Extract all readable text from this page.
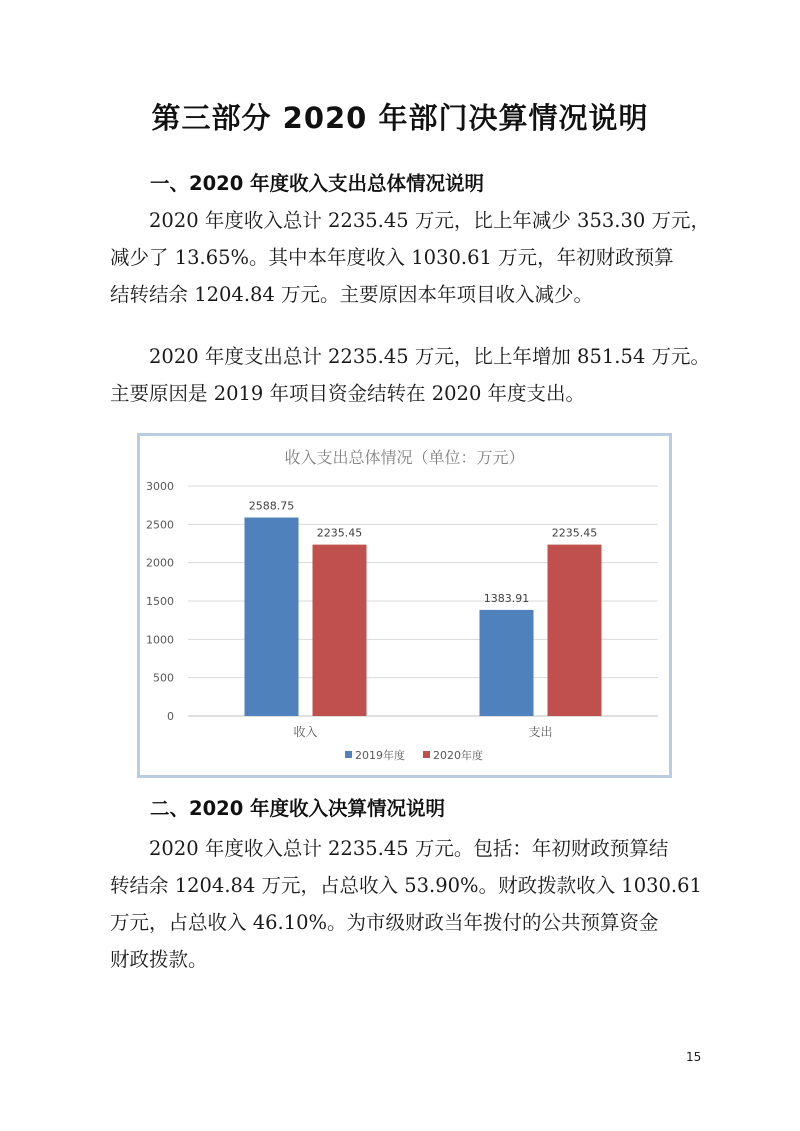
第三部分 2020 年部门决算情况说明
一、2020 年度收入支出总体情况说明
2020 年度收入总计 2235.45 万元，比上年减少 353.30 万元，
减少了 13.65%。其中本年度收入 1030.61 万元，年初财政预算
结转结余 1204.84 万元。主要原因本年项目收入减少。
2020 年度支出总计 2235.45 万元，比上年增加 851.54 万元。
主要原因是 2019 年项目资金结转在 2020 年度支出。
收入支出总体情况（单位：万元）
0
500
1000
1500
2000
2500
3000
2588.75
2235.45
收入
1383.91
2235.45
支出
2019年度	2020年度
二、2020 年度收入决算情况说明
2020 年度收入总计 2235.45 万元。包括：年初财政预算结
转结余 1204.84 万元，占总收入 53.90%。财政拨款收入 1030.61
万元，占总收入 46.10%。为市级财政当年拨付的公共预算资金
财政拨款。
15
